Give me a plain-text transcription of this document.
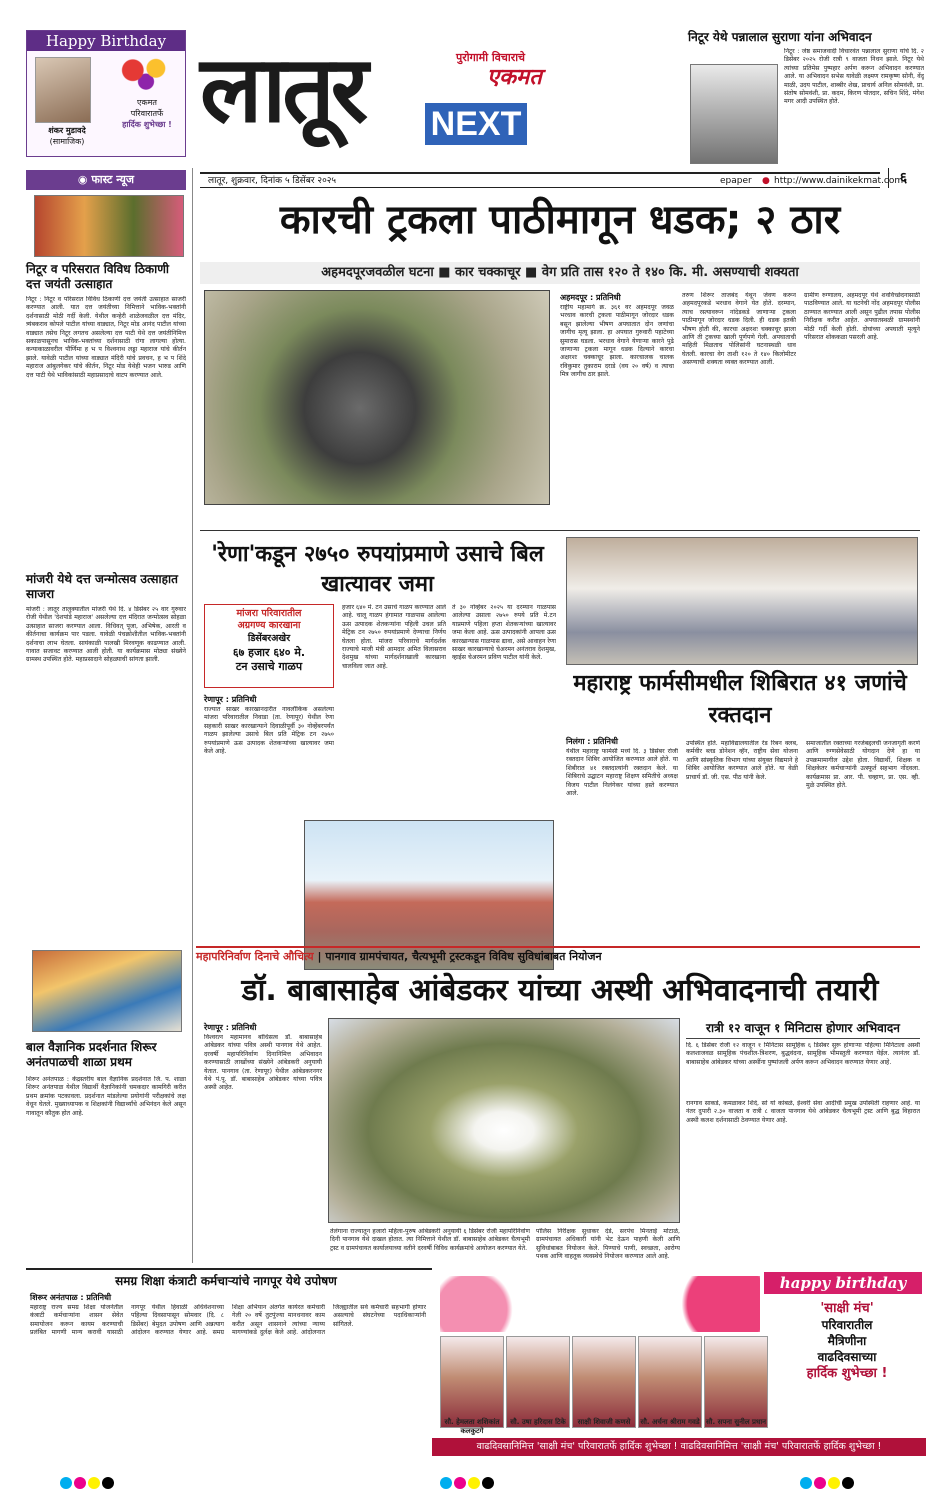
Happy Birthday
शंकर मुडावदे
(सामाजिक)
एकमत
परिवारातर्फे
हार्दिक शुभेच्छा ! लातूर	पुरोगामी विचाराचे
एकमत
NEXT
निटूर येथे पन्नालाल सुराणा यांना अभिवादन
निटूर : जेष्ठ समाजवादी विचारवंत पन्नालाल सुराणा यांचे दि. २ डिसेंबर २०२५ रोजी रात्री ९ वाजता निधन झाले. निटूर येथे त्यांच्या प्रतिमेस पुष्पहार अर्पण करून अभिवादन करण्यात आले. या अभिवादन सभेस यावेळी लक्ष्मण रामकृष्ण सोनी, वेंदू माळी, उदय पाटील, शाब्बीर शेख, प्राचार्य अनिल सोमवंशी, प्रा. संतोष सोमवंशी, प्रा. कदम, किरण पोतदार, सचिन शिंदे, मंगेश मगर आदी उपस्थित होते.
लातूर, शुक्रवार, दिनांक ५ डिसेंबर २०२५	epaper ● http://www.dainikekmat.com
६
◉ फास्ट न्यूज
निटूर व परिसरात विविध ठिकाणी दत्त जयंती उत्साहात
निटूर : निटूर व परिसरात विविध ठिकाणी दत्त जयंती उत्साहात साजरी करण्यात आली. यात दत्त जयंतीच्या निमित्ताने भाविक-भक्तांनी दर्शनासाठी मोठी गर्दी केली. येथील कन्हेरी शाळेजवळील दत्त मंदिर, त्र्यंबकराव कोपले पाटील यांच्या वाड्यात, निटूर मोड आनंद पाटील यांच्या वाड्यात तसेच निटूर लगतच असलेल्या दत्त पाटी येथे दत्त जयंतीनिमित्त सकाळपासूनच भाविक-भक्तांच्या दर्शनासाठी रांगा लागल्या होत्या. कन्याकाळावरील पौर्णिमा ह भ प विश्वनाथ लड्डा महाराज यांचे कीर्तन झाले. यावेळी पाटील यांच्या वाड्यात मंदिरी यांचे प्रवचन, ह भ प शिंदे महाराज आंबुलगेकर यांचे कीर्तन, निटूर मोड येथेही भजन भारुड आणि दत्त पाटी येथे भाविकांसाठी महाप्रसादाचे वाटप करण्यात आले.
मांजरी येथे दत्त जन्मोत्सव उत्साहात साजरा
मांजरी : लातूर तालुक्यातील मांजरी येथे दि. ४ डिसेंबर २५ वार गुरुवार रोजी येथील 'देशपांडे महाराज' असलेल्या दत्त मंदिरात जन्मोत्सव सोहळा उत्साहात साजरा करण्यात आला. विधिवत् पूजा, अभिषेक, आरती व कीर्तनाचा कार्यक्रम पार पडला. यावेळी पंचक्रोशीतील भाविक-भक्तांनी दर्शनाचा लाभ घेतला. सायंकाळी पालखी मिरवणूक काढण्यात आली. गावात सजावट करण्यात आली होती. या कार्यक्रमास मोठ्या संख्येने ग्रामस्थ उपस्थित होते. महाप्रसादाने सोहळ्याची सांगता झाली.
बाल वैज्ञानिक प्रदर्शनात शिरूर अनंतपाळची शाळा प्रथम
शिरूर अनंतपाळ : केंद्रस्तरीय बाल वैज्ञानिक प्रदर्शनात जि. प. शाळा शिरूर अनंतपाळ येथील विद्यार्थी वैज्ञानिकांनी चमकदार कामगिरी करीत प्रथम क्रमांक पटकावला. प्रदर्शनात मांडलेल्या प्रयोगांनी परीक्षकांचे लक्ष वेधून घेतले. मुख्याध्यापक व शिक्षकांनी विद्यार्थ्यांचे अभिनंदन केले असून गावातून कौतुक होत आहे.
कारची ट्रकला पाठीमागून धडक; २ ठार
अहमदपूरजवळील घटना ■ कार चक्काचूर ■ वेग प्रति तास १२० ते १४० कि. मी. असण्याची शक्यता
अहमदपूर : प्रतिनिधी
राष्ट्रीय महामार्ग क्र. ३६१ वर अहमदपूर जवळ भरधाव कारची ट्रकला पाठीमागून जोरदार धडक बसून झालेल्या भीषण अपघातात दोन जणांचा जागीच मृत्यू झाला. हा अपघात गुरुवारी पहाटेच्या सुमारास घडला. भरधाव वेगाने येणाऱ्या कारने पुढे जाणाऱ्या ट्रकला मागून धडक दिल्याने कारचा अक्षरशः चक्काचूर झाला. कारचालक चालक रविकुमार तुकाराम दराडे (वय २० वर्ष) व त्याचा मित्र जागीच ठार झाले.
तरुण शिरूर ताजबंद येथून जेवण करून अहमदपूरकडे भरधाव वेगाने येत होते. दरम्यान, त्याच रस्त्यावरून नांदेडकडे जाणाऱ्या ट्रकला पाठीमागून जोरदार धडक दिली. ही धडक इतकी भीषण होती की, कारचा अक्षरशः चक्काचूर झाला आणि ती ट्रकच्या खाली पूर्णपणे गेली. अपघाताची माहिती मिळताच पोलिसांनी घटनास्थळी धाव घेतली. कारचा वेग ताशी १२० ते १४० किलोमीटर असण्याची शक्यता व्यक्त करण्यात आली.
ग्रामीण रुग्णालय, अहमदपूर येथे शवविच्छेदनासाठी पाठविण्यात आले. या घटनेची नोंद अहमदपूर पोलीस ठाण्यात करण्यात आली असून पुढील तपास पोलीस निरीक्षक करीत आहेत. अपघातस्थळी ग्रामस्थांनी मोठी गर्दी केली होती. दोघांच्या अपघाती मृत्यूने परिसरात शोककळा पसरली आहे.
'रेणा'कडून २७५० रुपयांप्रमाणे उसाचे बिल खात्यावर जमा
मांजरा परिवारातील
अग्रगण्य कारखाना
डिसेंबरअखेर
६७ हजार ६४० मे.
टन उसाचे गाळप
रेणापूर : प्रतिनिधी
राज्यात साखर कारखानदारीत नावलौकिक असलेल्या मांजरा परिवारातील निवाडा (ता. रेणापूर) येथील रेणा सहकारी साखर कारखान्याने दिवाळीपूर्वी ३० नोव्हेंबरपर्यंत गाळप झालेल्या उसाचे बिल प्रति मेट्रिक टन २७५० रुपयांप्रमाणे ऊस उत्पादक शेतकऱ्यांच्या खात्यावर जमा केले आहे.
हजार ६४० मे. टन उसाचे गाळप करण्यात आले आहे. चालू गाळप हंगामात गाळपास आलेल्या ऊस उत्पादक शेतकऱ्यांना पहिली उचल प्रति मेट्रिक टन २७५० रुपयांप्रमाणे देण्याचा निर्णय घेतला होता. मांजरा परिवाराचे मार्गदर्शक राज्याचे माजी मंत्री आमदार अमित विलासराव देशमुख यांच्या मार्गदर्शनाखाली कारखाना चालविला जात आहे.
ते ३० नोव्हेंबर २०२५ या दरम्यान गाळपास आलेल्या उसाला २७५० रुपये प्रति मे.टन याप्रमाणे पहिला हप्ता शेतकऱ्यांच्या खात्यावर जमा केला आहे. ऊस उत्पादकांनी आपला ऊस कारखान्यास गाळपास द्यावा, असे आवाहन रेणा साखर कारखान्याचे चेअरमन अनंतराव देशमुख, व्हाईस चेअरमन प्रविण पाटील यांनी केले.
महाराष्ट्र फार्मसीमधील शिबिरात ४१ जणांचे रक्तदान
निलंगा : प्रतिनिधी
येथील महाराष्ट्र फार्मसी मध्ये दि. ३ डिसेंबर रोजी रक्तदान शिबिर आयोजित करण्यात आले होते. या शिबीरात ४१ रक्तदात्यांनी रक्तदान केले. या शिबिराचे उद्घाटन महाराष्ट्र शिक्षण समितीचे अध्यक्ष विजय पाटील निलंगेकर यांच्या हस्ते करण्यात आले.
उपस्थित होते. महाविद्यालयातील रेड रिबन क्लब, कर्मवीर ब्लड डोनेशन व्हॅन, राष्ट्रीय सेवा योजना आणि सांस्कृतिक विभाग यांच्या संयुक्त विद्यमाने हे शिबिर आयोजित करण्यात आले होते. या वेळी प्राचार्य डॉ. जी. एस. पीठ यांनी केले.
समाजातील रक्ताच्या गरजेबद्दलची जनजागृती करणे आणि रुग्णसेवेसाठी योगदान देणे हा या उपक्रमामागील उद्देश होता. विद्यार्थी, शिक्षक व शिक्षकेतर कर्मचाऱ्यांनी उत्स्फूर्त सहभाग नोंदवला. कार्यक्रमास प्रा. आर. पी. चव्हाण, प्रा. एस. व्ही. मुळे उपस्थित होते.
महापरिनिर्वाण दिनाचे औचित्य | पानगाव ग्रामपंचायत, चैत्यभूमी ट्रस्टकडून विविध सुविधांबाबत नियोजन
डॉ. बाबासाहेब आंबेडकर यांच्या अस्थी अभिवादनाची तयारी
रेणापूर : प्रतिनिधी
विश्वरत्न महामानव बोधिसत्व डॉ. बाबासाहेब आंबेडकर यांच्या पवित्र अस्थी पानगाव येथे आहेत. दरवर्षी महापरिनिर्वाण दिनानिमित्त अभिवादन करण्यासाठी लाखोंच्या संख्येने आंबेडकरी अनुयायी येतात. पानगाव (ता. रेणापूर) येथील आंबेडकरनगर येथे पं.पू. डॉ. बाबासाहेब आंबेडकर यांच्या पवित्र अस्थी आहेत.
तेलंगाना राज्यातून हजारो महिला-पुरुष आंबेडकरी अनुयायी ६ डिसेंबर रोजी महापरिनिर्वाण दिनी पानगाव येथे दाखल होतात. त्या निमित्ताने येथील डॉ. बाबासाहेब आंबेडकर चैत्यभूमी ट्रस्ट व ग्रामपंचायत कार्यालयाच्या वतीने दरवर्षी विविध कार्यक्रमांचे आयोजन करण्यात येते.
पोलिस निरीक्षक सुधाकर देडे, सरपंच मिनताई मोटाळे, ग्रामपंचायत अधिकारी यांनी भेट देऊन पाहणी केली आणि सुविधांबाबत नियोजन केले. पिण्याचे पाणी, स्वच्छता, आरोग्य पथक आणि वाहतूक व्यवस्थेचे नियोजन करण्यात आले आहे.
रात्री १२ वाजून १ मिनिटास होणार अभिवादन
दि. ६ डिसेंबर रोजी १२ वाजून १ मिनिटास सामूहिक ६ डिसेंबर सुरू होणाऱ्या पहिल्या मिनिटाला अस्थी कलशाजवळ सामूहिक पंचशील-त्रिशरण, बुद्धवंदना, सामूहिक भीमस्तुती करण्यात येईल. त्यानंतर डॉ. बाबासाहेब आंबेडकर यांच्या अस्थींना पुष्पांजली अर्पण करून अभिवादन करण्यात येणार आहे.
रानगाव साकडे, कमळाकर शिंदे, सो यो कांबळे, ईश्वरी सेवा आदींची प्रमुख उपस्थिती राहणार आहे. या नंतर दुपारी २.३० वाजता व रात्री ८ वाजता पानगाव येथे आंबेडकर चैत्यभूमी ट्रस्ट आणि बुद्ध विहारात अस्थी कलश दर्शनासाठी ठेवण्यात येणार आहे.
समग्र शिक्षा कंत्राटी कर्मचाऱ्यांचे नागपूर येथे उपोषण
शिरूर अनंतपाळ : प्रतिनिधी
महाराष्ट्र राज्य समग्र शिक्षा योजनेतील कंत्राटी कर्मचाऱ्यांना शासन सेवेत समायोजन करून कायम करण्याची प्रलंबित मागणी मान्य करावी यासाठी नागपूर येथील हिवाळी अधिवेशनाच्या पहिल्या दिवसापासून सोमवार (दि. ८ डिसेंबर) बेमुदत उपोषण आणि अन्नत्याग आंदोलन करण्यात येणार आहे. समग्र शिक्षा अभियान अंतर्गत कार्यरत कर्मचारी गेली २० वर्षे तुटपुंज्या मानधनावर काम करीत असून शासनाने त्यांच्या न्याय्य मागण्यांकडे दुर्लक्ष केले आहे. आंदोलनात जिल्ह्यातील सर्व कर्मचारी सहभागी होणार असल्याचे संघटनेच्या पदाधिकाऱ्यांनी सांगितले.
सौ. हेमलता शशिकांत कलकुटगे
सौ. उषा हरिदास टिके	साक्षी शिवाजी कणसे	सौ. अर्चना श्रीराम गवडे सौ. सपना सुनील प्रधान
happy birthday
'साक्षी मंच'
परिवारातील
मैत्रिणीना
वाढदिवसाच्या
हार्दिक शुभेच्छा !
वाढदिवसानिमित्त 'साक्षी मंच' परिवारातर्फे हार्दिक शुभेच्छा ! वाढदिवसानिमित्त 'साक्षी मंच' परिवारातर्फे हार्दिक शुभेच्छा !
